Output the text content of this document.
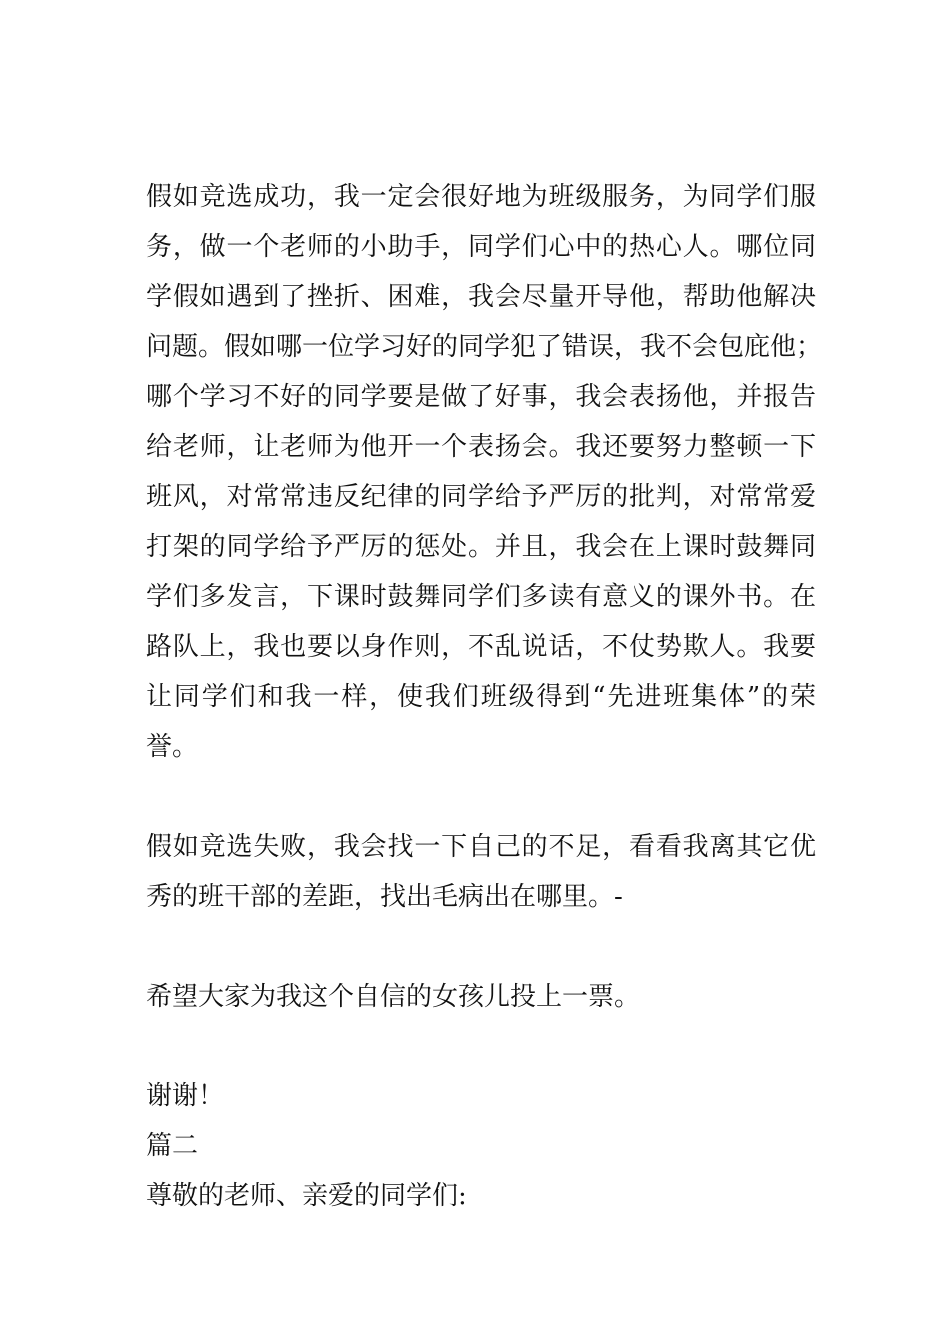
假如竞选成功，我一定会很好地为班级服务，为同学们服
务，做一个老师的小助手，同学们心中的热心人。哪位同
学假如遇到了挫折、困难，我会尽量开导他，帮助他解决
问题。假如哪一位学习好的同学犯了错误，我不会包庇他；
哪个学习不好的同学要是做了好事，我会表扬他，并报告
给老师，让老师为他开一个表扬会。我还要努力整顿一下
班风，对常常违反纪律的同学给予严厉的批判，对常常爱
打架的同学给予严厉的惩处。并且，我会在上课时鼓舞同
学们多发言，下课时鼓舞同学们多读有意义的课外书。在
路队上，我也要以身作则，不乱说话，不仗势欺人。我要
让同学们和我一样，使我们班级得到“先进班集体”的荣
誉。
假如竞选失败，我会找一下自己的不足，看看我离其它优
秀的班干部的差距，找出毛病出在哪里。-
希望大家为我这个自信的女孩儿投上一票。
谢谢！
篇二
尊敬的老师、亲爱的同学们:
